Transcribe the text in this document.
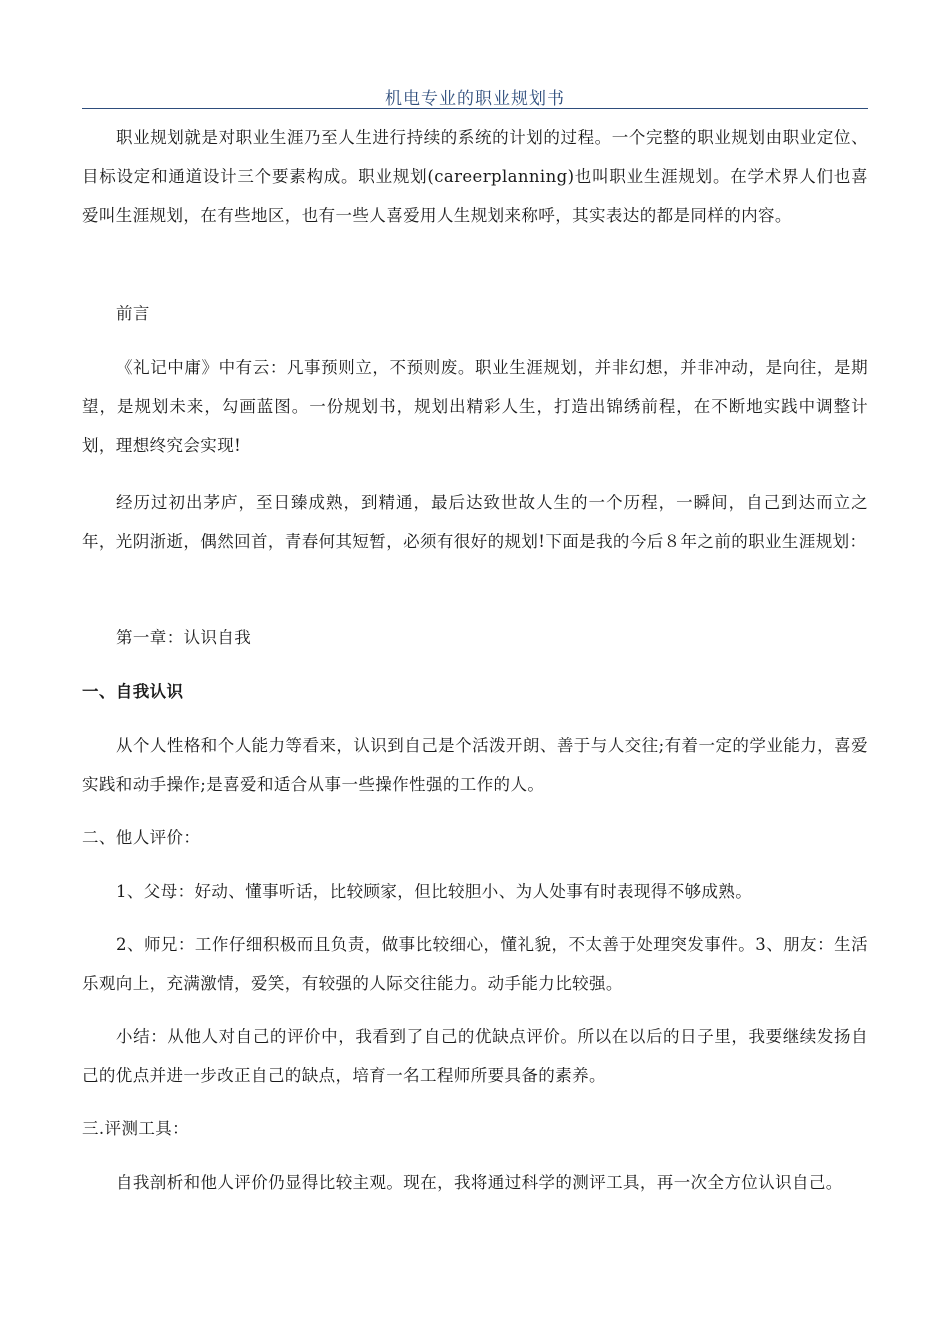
机电专业的职业规划书
职业规划就是对职业生涯乃至人生进行持续的系统的计划的过程。一个完整的职业规划由职业定位、目标设定和通道设计三个要素构成。职业规划(careerplanning)也叫职业生涯规划。在学术界人们也喜爱叫生涯规划，在有些地区，也有一些人喜爱用人生规划来称呼，其实表达的都是同样的内容。
前言
《礼记中庸》中有云：凡事预则立，不预则废。职业生涯规划，并非幻想，并非冲动，是向往，是期望，是规划未来，勾画蓝图。一份规划书，规划出精彩人生，打造出锦绣前程，在不断地实践中调整计划，理想终究会实现!
经历过初出茅庐，至日臻成熟，到精通，最后达致世故人生的一个历程，一瞬间，自己到达而立之年，光阴浙逝，偶然回首，青春何其短暂，必须有很好的规划!下面是我的今后８年之前的职业生涯规划：
第一章：认识自我
一、自我认识
从个人性格和个人能力等看来，认识到自己是个活泼开朗、善于与人交往;有着一定的学业能力，喜爱实践和动手操作;是喜爱和适合从事一些操作性强的工作的人。
二、他人评价：
1、父母：好动、懂事听话，比较顾家，但比较胆小、为人处事有时表现得不够成熟。
2、师兄：工作仔细积极而且负责，做事比较细心，懂礼貌，不太善于处理突发事件。3、朋友：生活乐观向上，充满激情，爱笑，有较强的人际交往能力。动手能力比较强。
小结：从他人对自己的评价中，我看到了自己的优缺点评价。所以在以后的日子里，我要继续发扬自己的优点并进一步改正自己的缺点，培育一名工程师所要具备的素养。
三.评测工具：
自我剖析和他人评价仍显得比较主观。现在，我将通过科学的测评工具，再一次全方位认识自己。
